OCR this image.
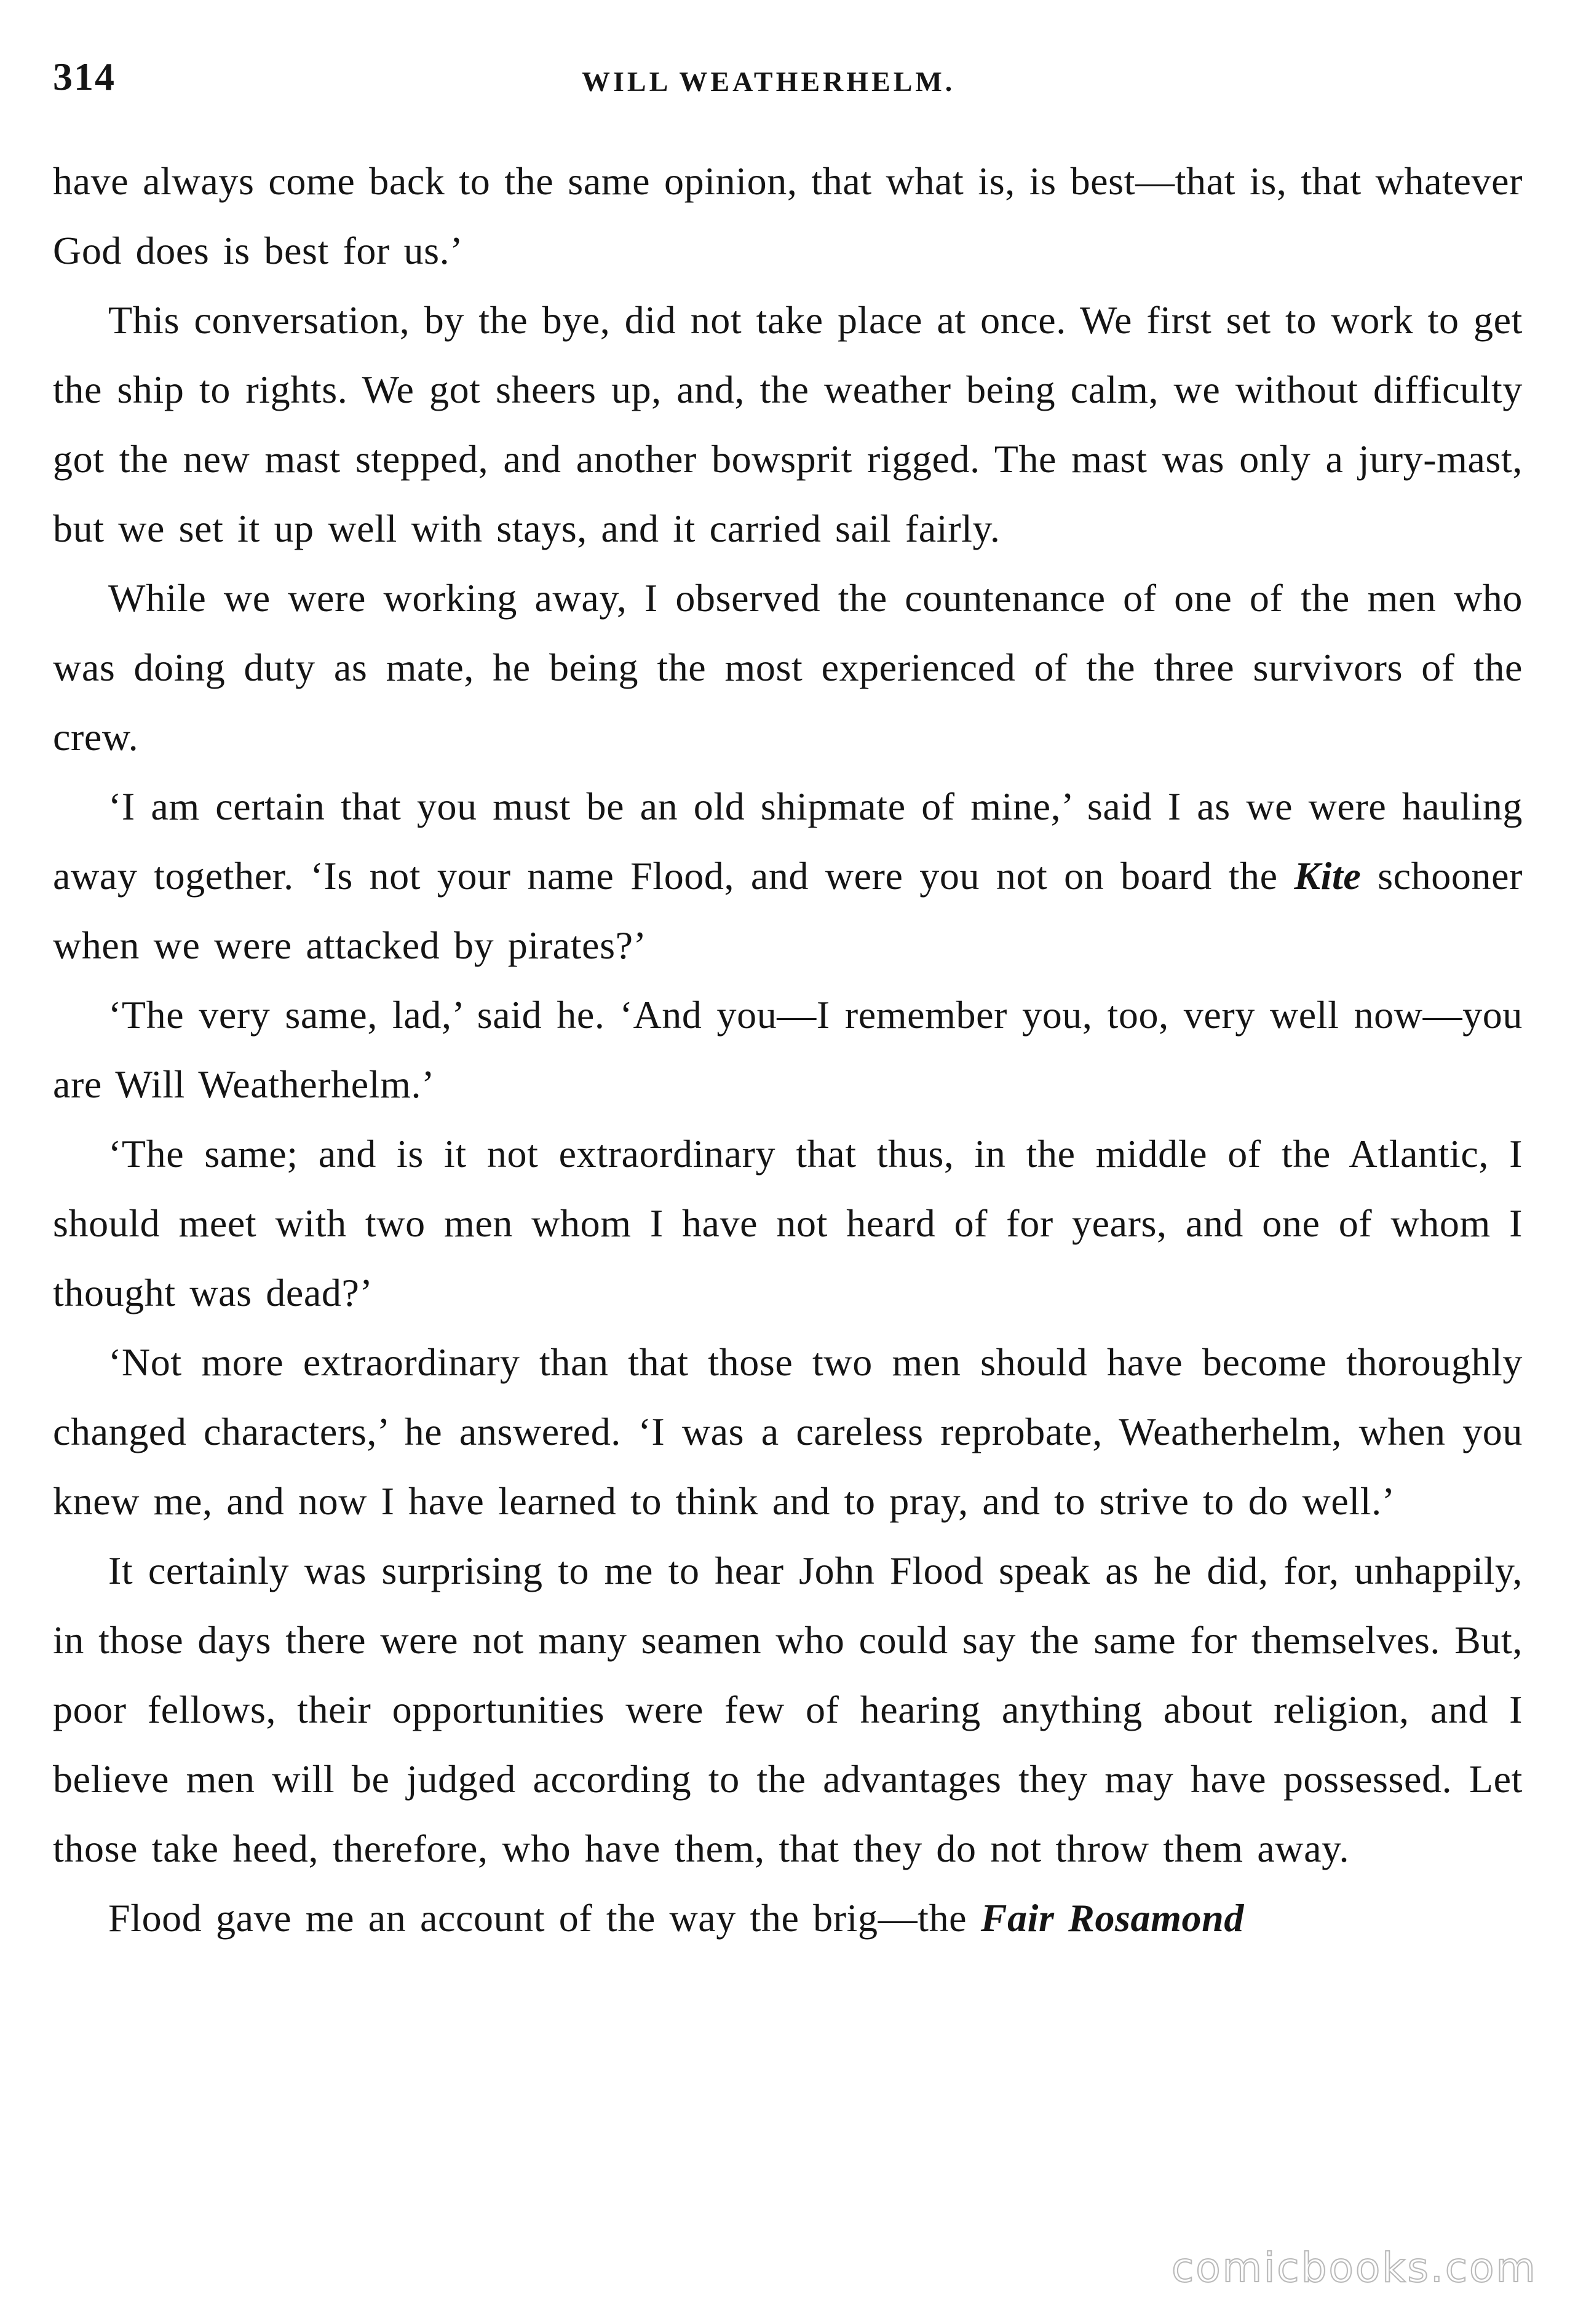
314	WILL WEATHERHELM.

have always come back to the same opinion, that what is, is best—that is, that whatever God does is best for us.’

This conversation, by the bye, did not take place at once. We first set to work to get the ship to rights. We got sheers up, and, the weather being calm, we without difficulty got the new mast stepped, and another bowsprit rigged. The mast was only a jury-mast, but we set it up well with stays, and it carried sail fairly.

While we were working away, I observed the countenance of one of the men who was doing duty as mate, he being the most experienced of the three survivors of the crew.

‘I am certain that you must be an old shipmate of mine,’ said I as we were hauling away together. ‘Is not your name Flood, and were you not on board the Kite schooner when we were attacked by pirates?’

‘The very same, lad,’ said he. ‘And you—I remember you, too, very well now—you are Will Weatherhelm.’

‘The same; and is it not extraordinary that thus, in the middle of the Atlantic, I should meet with two men whom I have not heard of for years, and one of whom I thought was dead?’

‘Not more extraordinary than that those two men should have become thoroughly changed characters,’ he answered. ‘I was a careless reprobate, Weatherhelm, when you knew me, and now I have learned to think and to pray, and to strive to do well.’

It certainly was surprising to me to hear John Flood speak as he did, for, unhappily, in those days there were not many seamen who could say the same for themselves. But, poor fellows, their opportunities were few of hearing anything about religion, and I believe men will be judged according to the advantages they may have possessed. Let those take heed, therefore, who have them, that they do not throw them away.

Flood gave me an account of the way the brig—the Fair Rosamond

comicbooks.com
